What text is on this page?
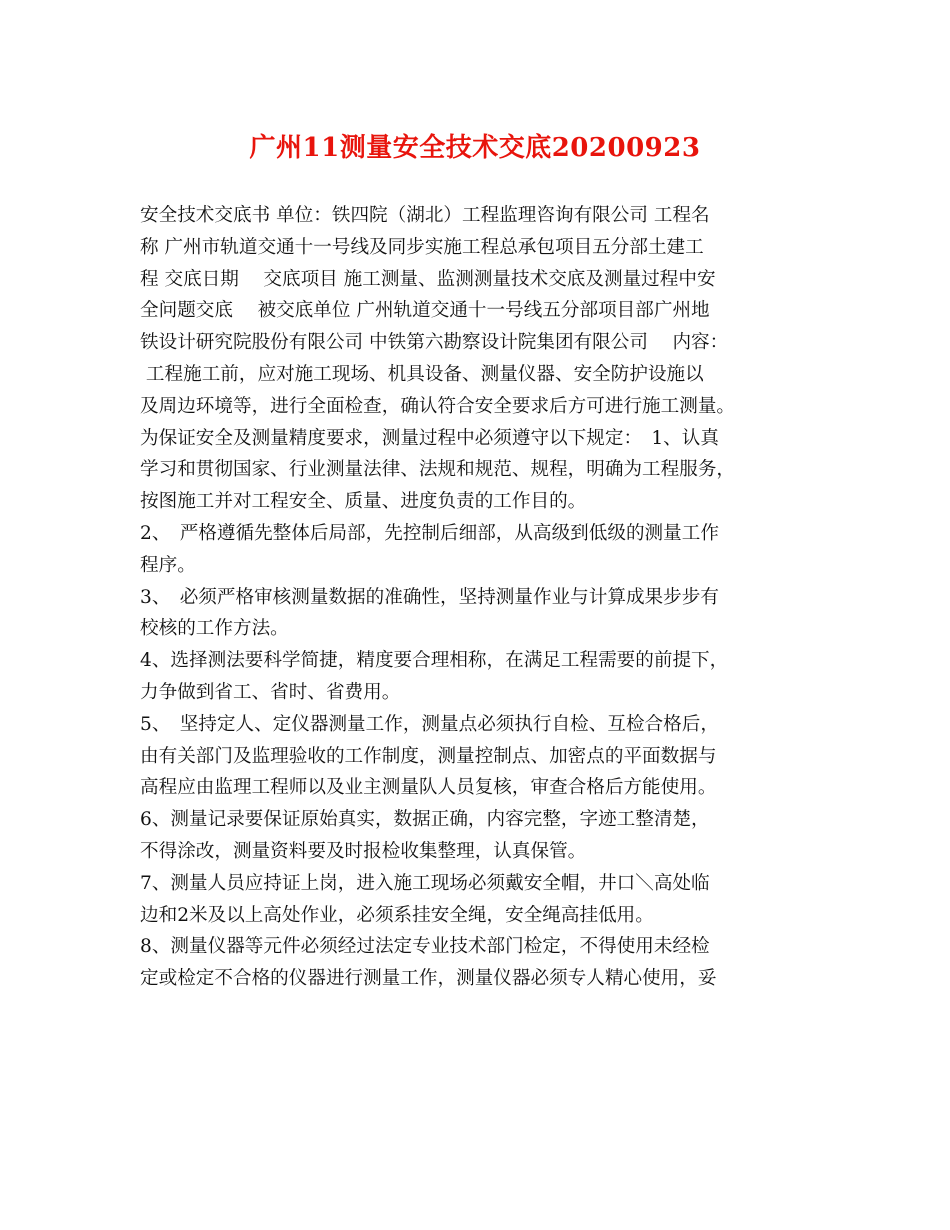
广州11测量安全技术交底20200923
安全技术交底书 单位：铁四院（湖北）工程监理咨询有限公司 工程名
称 广州市轨道交通十一号线及同步实施工程总承包项目五分部土建工
程 交底日期　 交底项目 施工测量、监测测量技术交底及测量过程中安
全问题交底　 被交底单位 广州轨道交通十一号线五分部项目部广州地
铁设计研究院股份有限公司 中铁第六勘察设计院集团有限公司　 内容：
工程施工前，应对施工现场、机具设备、测量仪器、安全防护设施以
及周边环境等，进行全面检查，确认符合安全要求后方可进行施工测量。
为保证安全及测量精度要求，测量过程中必须遵守以下规定：　1、认真
学习和贯彻国家、行业测量法律、法规和规范、规程，明确为工程服务，
按图施工并对工程安全、质量、进度负责的工作目的。
2、　严格遵循先整体后局部，先控制后细部，从高级到低级的测量工作
程序。
3、　必须严格审核测量数据的准确性，坚持测量作业与计算成果步步有
校核的工作方法。
4、选择测法要科学简捷，精度要合理相称，在满足工程需要的前提下，
力争做到省工、省时、省费用。
5、　坚持定人、定仪器测量工作，测量点必须执行自检、互检合格后，
由有关部门及监理验收的工作制度，测量控制点、加密点的平面数据与
高程应由监理工程师以及业主测量队人员复核，审查合格后方能使用。
6、测量记录要保证原始真实，数据正确，内容完整，字迹工整清楚，
不得涂改，测量资料要及时报检收集整理，认真保管。
7、测量人员应持证上岗，进入施工现场必须戴安全帽，井口＼高处临
边和2米及以上高处作业，必须系挂安全绳，安全绳高挂低用。
8、测量仪器等元件必须经过法定专业技术部门检定，不得使用未经检
定或检定不合格的仪器进行测量工作，测量仪器必须专人精心使用，妥
